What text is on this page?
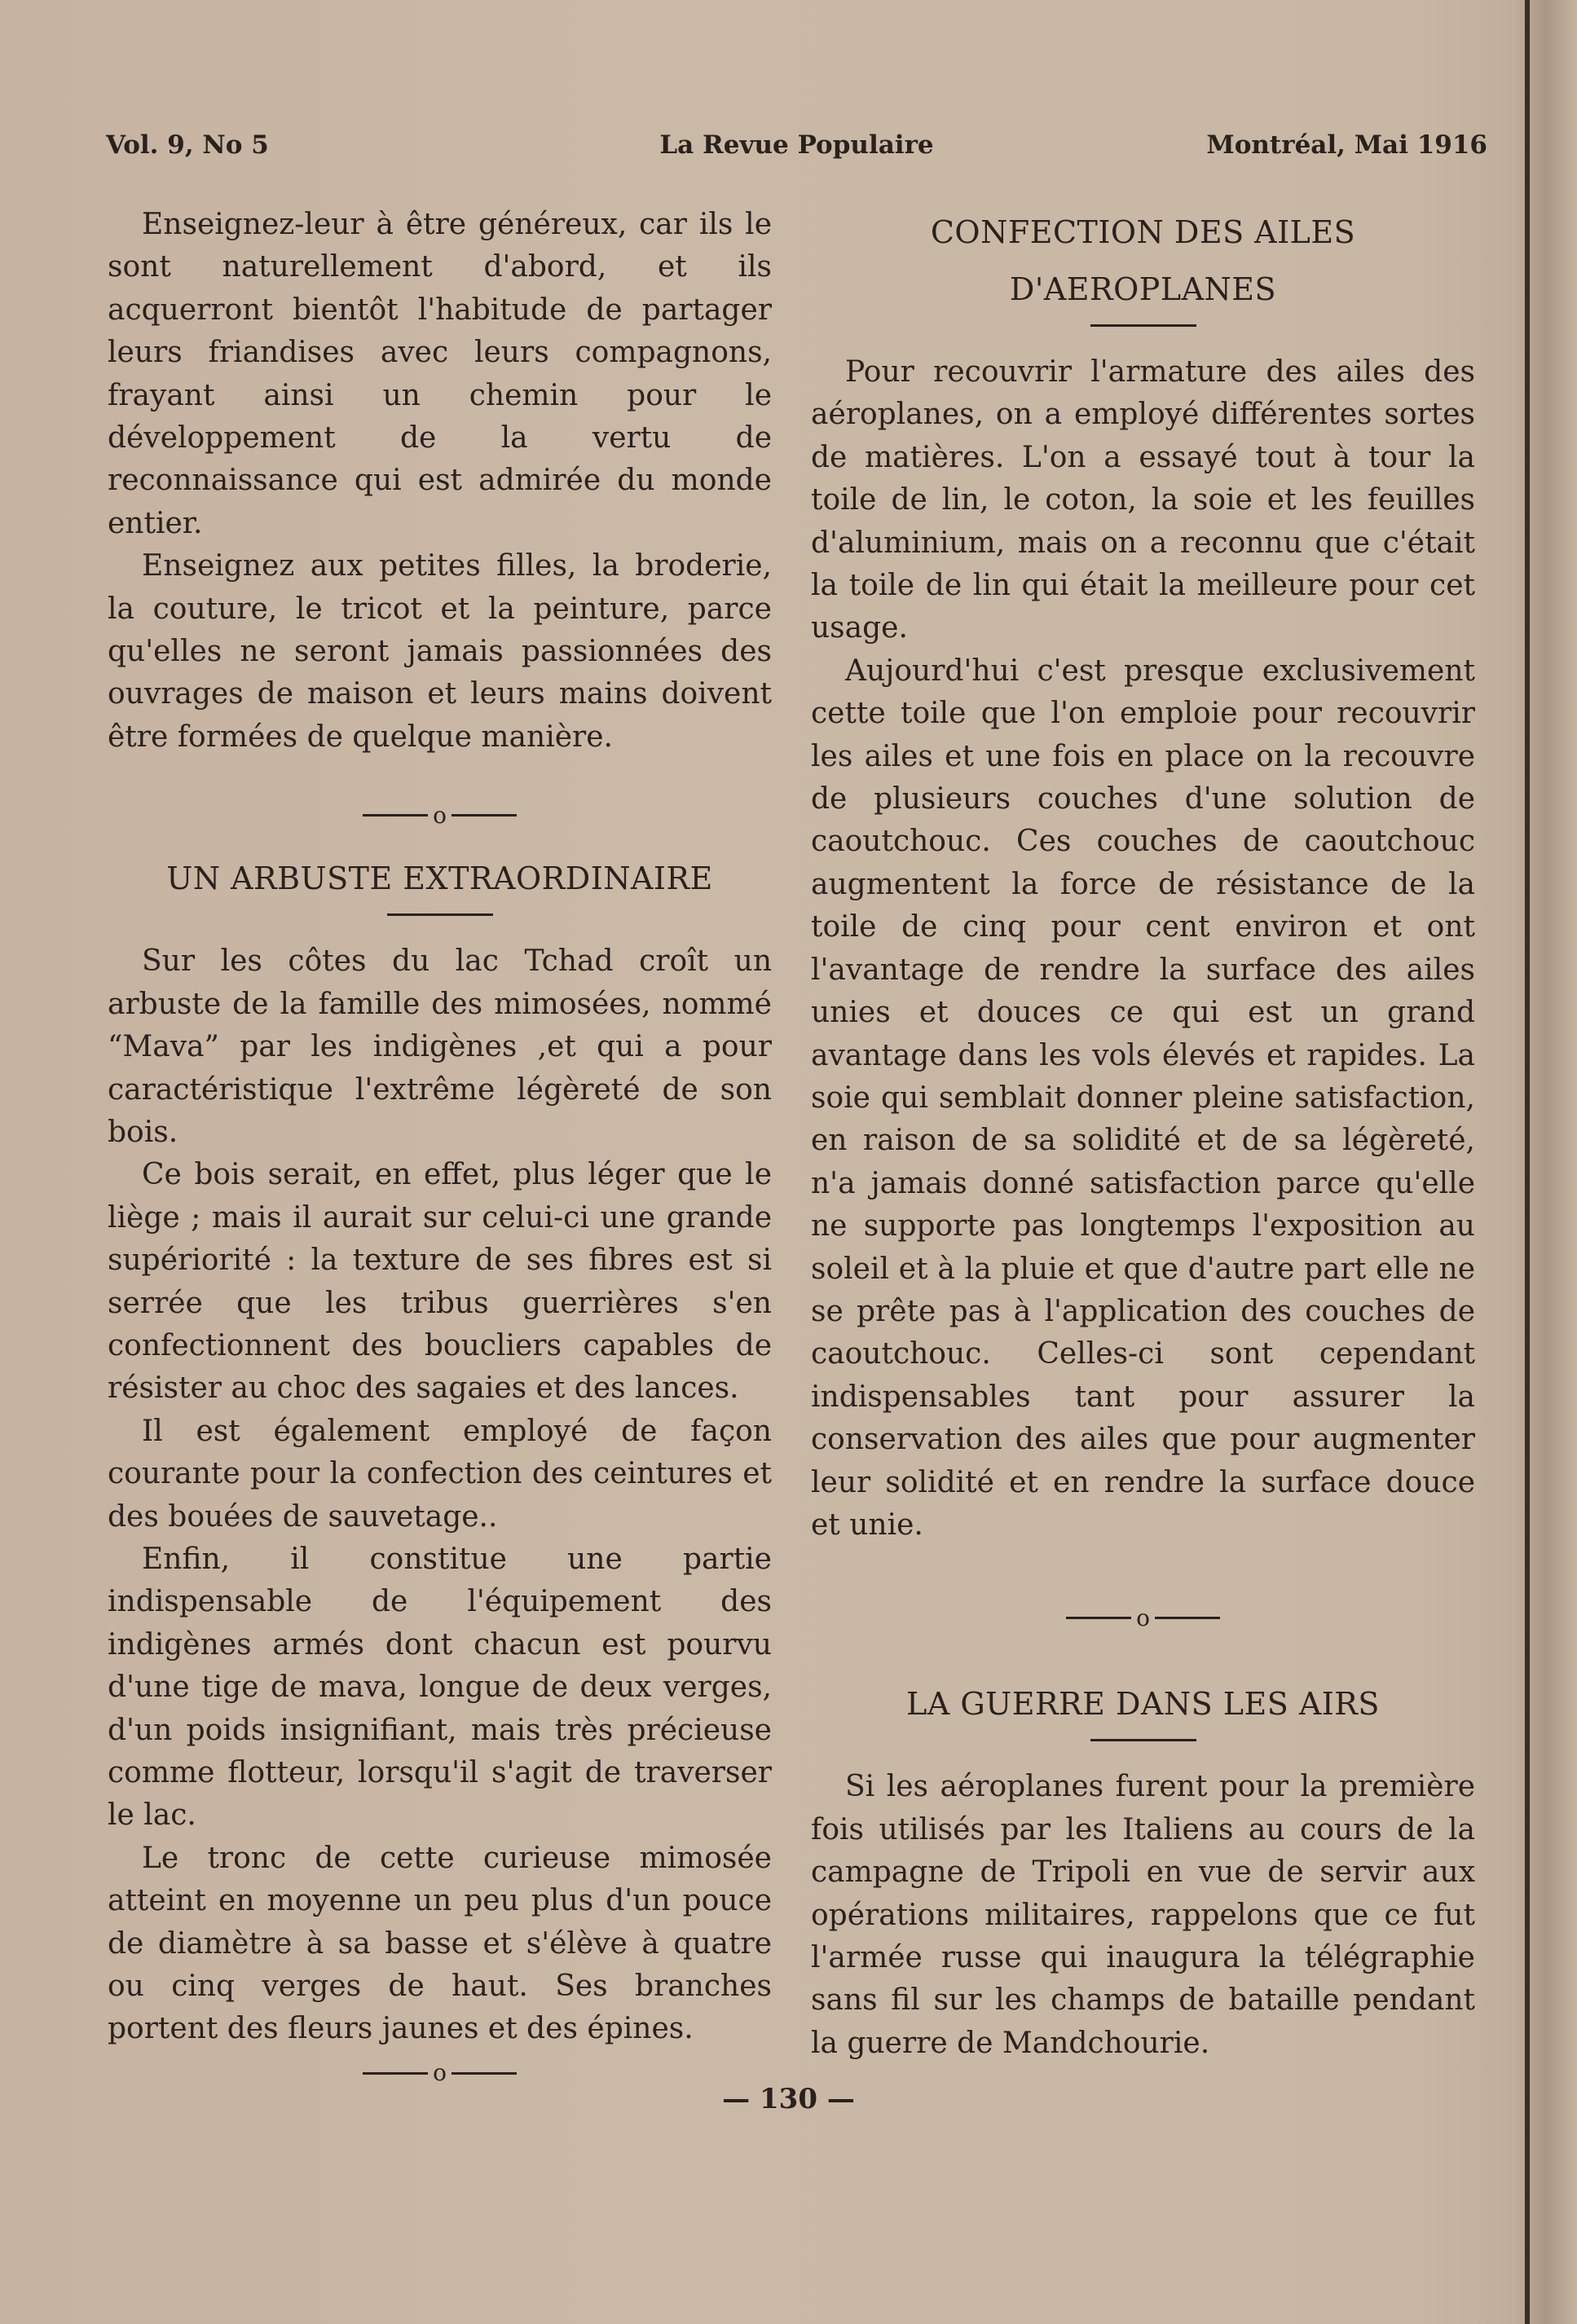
Vol. 9, No 5	La Revue Populaire	Montréal, Mai 1916

Enseignez-leur à être généreux, car ils le sont naturellement d'abord, et ils acquerront bientôt l'habitude de partager leurs friandises avec leurs compagnons, frayant ainsi un chemin pour le développement de la vertu de reconnaissance qui est admirée du monde entier.

Enseignez aux petites filles, la broderie, la couture, le tricot et la peinture, parce qu'elles ne seront jamais passionnées des ouvrages de maison et leurs mains doivent être formées de quelque manière.

o
UN ARBUSTE EXTRAORDINAIRE

Sur les côtes du lac Tchad croît un arbuste de la famille des mimosées, nommé “Mava” par les indigènes ,et qui a pour caractéristique l'extrême légèreté de son bois.

Ce bois serait, en effet, plus léger que le liège ; mais il aurait sur celui-ci une grande supériorité : la texture de ses fibres est si serrée que les tribus guerrières s'en confectionnent des boucliers capables de résister au choc des sagaies et des lances.

Il est également employé de façon courante pour la confection des ceintures et des bouées de sauvetage..

Enfin, il constitue une partie indispensable de l'équipement des indigènes armés dont chacun est pourvu d'une tige de mava, longue de deux verges, d'un poids insignifiant, mais très précieuse comme flotteur, lorsqu'il s'agit de traverser le lac.

Le tronc de cette curieuse mimosée atteint en moyenne un peu plus d'un pouce de diamètre à sa basse et s'élève à quatre ou cinq verges de haut. Ses branches portent des fleurs jaunes et des épines.

o
CONFECTION DES AILES D'AEROPLANES

Pour recouvrir l'armature des ailes des aéroplanes, on a employé différentes sortes de matières. L'on a essayé tout à tour la toile de lin, le coton, la soie et les feuilles d'aluminium, mais on a reconnu que c'était la toile de lin qui était la meilleure pour cet usage.

Aujourd'hui c'est presque exclusivement cette toile que l'on emploie pour recouvrir les ailes et une fois en place on la recouvre de plusieurs couches d'une solution de caoutchouc. Ces couches de caoutchouc augmentent la force de résistance de la toile de cinq pour cent environ et ont l'avantage de rendre la surface des ailes unies et douces ce qui est un grand avantage dans les vols élevés et rapides. La soie qui semblait donner pleine satisfaction, en raison de sa solidité et de sa légèreté, n'a jamais donné satisfaction parce qu'elle ne supporte pas longtemps l'exposition au soleil et à la pluie et que d'autre part elle ne se prête pas à l'application des couches de caoutchouc. Celles-ci sont cependant indispensables tant pour assurer la conservation des ailes que pour augmenter leur solidité et en rendre la surface douce et unie.

o
LA GUERRE DANS LES AIRS

Si les aéroplanes furent pour la première fois utilisés par les Italiens au cours de la campagne de Tripoli en vue de servir aux opérations militaires, rappelons que ce fut l'armée russe qui inaugura la télégraphie sans fil sur les champs de bataille pendant la guerre de Mandchourie.

— 130 —
